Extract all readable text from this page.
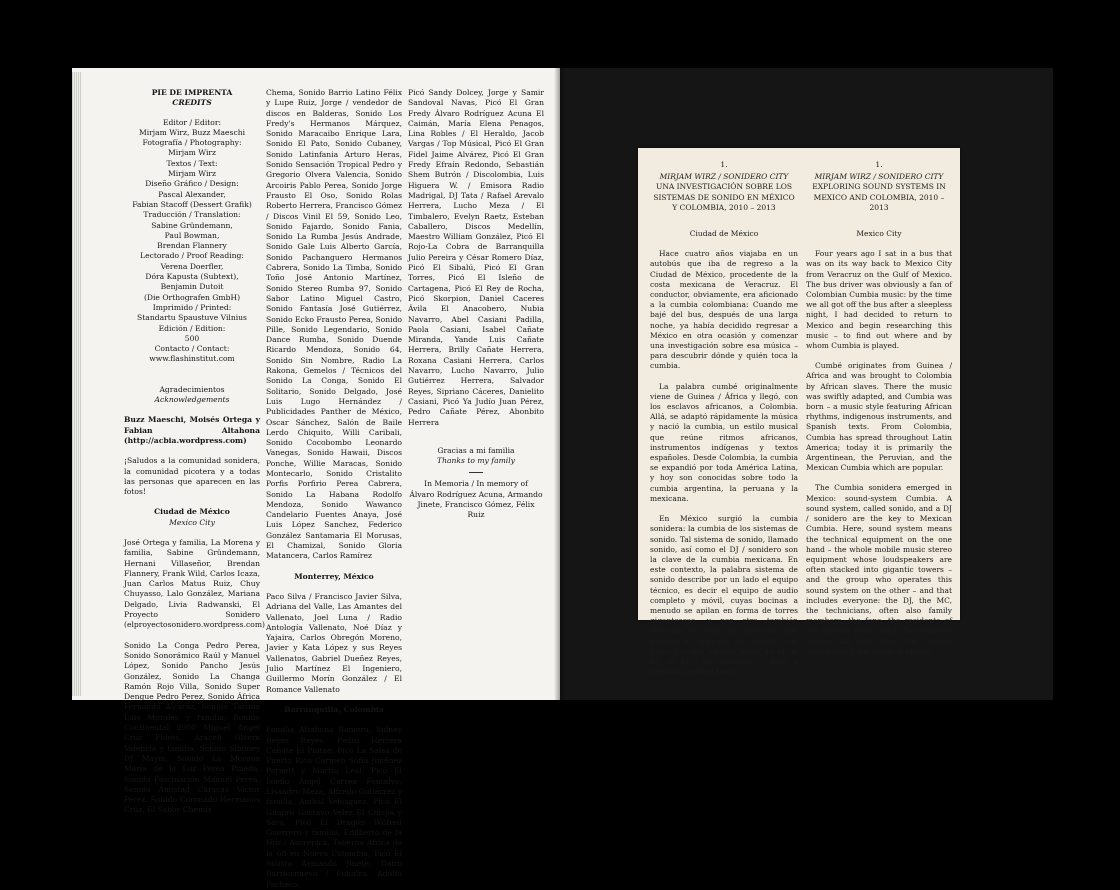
PIE DE IMPRENTA
CREDITS
Editor / Editor:
Mirjam Wirz, Buzz Maeschi
Fotografía / Photography:
Mirjam Wirz
Textos / Text:
Mirjam Wirz
Diseño Gráfico / Design:
Pascal Alexander,
Fabian Stacoff (Dessert Grafik)
Traducción / Translation:
Sabine Gründemann,
Paul Bowman,
Brendan Flannery
Lectorado / Proof Reading:
Verena Doerfler,
Dóra Kapusta (Subtext),
Benjamin Dutoit
(Die Orthografen GmbH)
Imprimido / Printed:
Standartu Spaustuve Vilnius
Edición / Edition:
500
Contacto / Contact:
www.flashinstitut.com
Agradecimientos
Acknowledgements
Buzz Maeschi, Moisés Ortega y Fabian Altahona (http://acbia.wordpress.com)
¡Saludos a la comunidad sonidera, la comunidad picotera y a todas las personas que aparecen en las fotos!
Ciudad de México
Mexico City
José Ortega y familia, La Morena y familia, Sabine Gründemann, Hernani Villaseñor, Brendan Flannery, Frank Wild, Carlos Icaza, Juan Carlos Matus Ruiz, Chuy Chuyasso, Lalo González, Mariana Delgado, Livia Radwanski, El Proyecto Sonidero (elproyectosonidero.wordpress.com)
Sonido La Conga Pedro Perea, Sonido Sonorámico Raúl y Manuel López, Sonido Pancho Jesús González, Sonido La Changa Ramón Rojo Villa, Sonido Super Dengue Pedro Perez, Sonido África Fernando Alcaraz, Sonido Tacuba Luis Morales y familia, Sonido Continental 2000 Miguel Ángel Cruz Flores, Araceli Olvera Valencia y familia, Sonido Siboney DJ Mayín, Sonido La Morena María de la Luz Perea Pineda, Sonido Fascinación Manuel Perea, Sonido Amistad Caracas Victor Pérez, Sonido Coronado Hermanos Cruz, El Sabor Chemix
Chema, Sonido Barrio Latino Félix y Lupe Ruiz, Jorge / vendedor de discos en Balderas, Sonido Los Fredy's Hermanos Márquez, Sonido Maracaibo Enrique Lara, Sonido El Pato, Sonido Cubaney, Sonido Latinfania Arturo Heras, Sonido Sensación Tropical Pedro y Gregorio Olvera Valencia, Sonido Arcoiris Pablo Perea, Sonido Jorge Frausto El Oso, Sonido Rolas Roberto Herrera, Francisco Gómez / Discos Vinil El 59, Sonido Leo, Sonido Fajardo, Sonido Fania, Sonido La Rumba Jesús Andrade, Sonido Gale Luis Alberto García, Sonido Pachanguero Hermanos Cabrera, Sonido La Timba, Sonido Toño José Antonio Martínez, Sonido Stereo Rumba 97, Sonido Sabor Latino Miguel Castro, Sonido Fantasía José Gutiérrez, Sonido Ecko Frausto Perea, Sonido Pille, Sonido Legendario, Sonido Dance Rumba, Sonido Duende Ricardo Mendoza, Sonido 64, Sonido Sin Nombre, Radio La Rakona, Gemelos / Técnicos del Sonido La Conga, Sonido El Solitario, Sonido Delgado, José Luis Lugo Hernández / Publicidades Panther de México, Oscar Sánchez, Salón de Baile Lerdo Chiquito, Willi Caribali, Sonido Cocobombo Leonardo Vanegas, Sonido Hawaii, Discos Ponche, Willie Maracas, Sonido Montecarlo, Sonido Cristalito Porfis Porfirio Perea Cabrera, Sonido La Habana Rodolfo Mendoza, Sonido Wawanco Candelario Fuentes Anaya, José Luis López Sanchez, Federico González Santamaria El Morusas, El Chamizal, Sonido Gloria Matancera, Carlos Ramírez
Monterrey, México
Paco Silva / Francisco Javier Silva, Adriana del Valle, Las Amantes del Vallenato, Joel Luna / Radio Antología Vallenato, Noé Díaz y Yajaira, Carlos Obregón Moreno, Javier y Kata López y sus Reyes Vallenatos, Gabriel Dueñez Reyes, Julio Martínez El Ingeniero, Guillermo Morín González / El Romance Vallenato
Barranquilla, Colombia
Familia Altahona Romero, Sidney Reyes Reyes, Pedro Herrera Cañate El Pintao, Picó La Salsa de Puerto Rico Carmen Sofía Jiménez Pernett y Martín Leal, Picó El Isleño Ángel Correa Fontalvo, Lisandro Meza, Alfredo Gutiérrez y familia, Aníbal Velásquez, Picó El Guajiro Gustavo Velez El Chispa y Sara, Picó El Dragón Wilfred Guerrero y familia, Edilberto de la Hoz / Asorepick, Taberna África de la 68 en Nueva Colombia, Picó El Solista Armando Jinete, Dairo Barriosnuevo / Fukafra, Adolfo Pacheco,
Picó Sandy Dolcey, Jorge y Samir Sandoval Navas, Picó El Gran Fredy Álvaro Rodríguez Acuna El Caimán, María Elena Penagos, Lina Robles / El Heraldo, Jacob Vargas / Top Músical, Picó El Gran Fidel Jaime Alvárez, Picó El Gran Fredy Efraín Redondo, Sebastián Shem Butrón / Discolombia, Luis Higuera W. / Emisora Radio Madrigal, DJ Tata / Rafael Arevalo Herrera, Lucho Meza / El Timbalero, Evelyn Raetz, Esteban Caballero, Discos Medellín, Maestro William González, Picó El Rojo-La Cobra de Barranquilla Julio Pereira y César Romero Díaz, Picó El Sibalú, Picó El Gran Torres, Picó El Isleño de Cartagena, Picó El Rey de Rocha, Picó Skorpion, Daniel Caceres Ávila El Anacobero, Nubia Navarro, Abel Casiani Padilla, Paola Casiani, Isabel Cañate Miranda, Yande Luis Cañate Herrera, Brilly Cañate Herrera, Roxana Casiani Herrera, Carlos Navarro, Lucho Navarro, Julio Gutiérrez Herrera, Salvador Reyes, Sipriano Cáceres, Danielito Casiani, Picó Ya Judío Juan Pérez, Pedro Cañate Pérez, Abonbito Herrera
Gracias a mi familia
Thanks to my family
In Memoria / In memory of
Álvaro Rodríguez Acuna, Armando Jinete, Francisco Gómez, Félix Ruiz
1.
MIRJAM WIRZ / SONIDERO CITY
UNA INVESTIGACIÓN SOBRE LOS SISTEMAS DE SONIDO EN MÉXICO Y COLOMBIA, 2010 – 2013
Ciudad de México

Hace cuatro años viajaba en un autobús que iba de regreso a la Ciudad de México, procedente de la costa mexicana de Veracruz. El conductor, obviamente, era aficionado a la cumbia colombiana: Cuando me bajé del bus, después de una larga noche, ya había decidido regresar a México en otra ocasión y comenzar una investigación sobre esa música – para descubrir dónde y quién toca la cumbia.

La palabra cumbé originalmente viene de Guinea / África y llegó, con los esclavos africanos, a Colombia. Allá, se adaptó rápidamente la música y nació la cumbia, un estilo musical que reúne ritmos africanos, instrumentos indígenas y textos españoles. Desde Colombia, la cumbia se expandió por toda América Latina, y hoy son conocidas sobre todo la cumbia argentina, la peruana y la mexicana.

En México surgió la cumbia sonidera: la cumbia de los sistemas de sonido. Tal sistema de sonido, llamado sonido, así como el DJ / sonidero son la clave de la cumbia mexicana. En este contexto, la palabra sistema de sonido describe por un lado el equipo técnico, es decir el equipo de audio completo y móvil, cuyas bocinas a menudo se apilan en forma de torres gigantescas, y por otro también describe al grupo de personas que maneja el sistema de sonido, con todos los que forman parte de él: el DJ, el MC, los técnicos, y muy a menudo también fami-

1.
MIRJAM WIRZ / SONIDERO CITY
EXPLORING SOUND SYSTEMS IN MEXICO AND COLOMBIA, 2010 – 2013
Mexico City

Four years ago I sat in a bus that was on its way back to Mexico City from Veracruz on the Gulf of Mexico. The bus driver was obviously a fan of Colombian Cumbia music: by the time we all got off the bus after a sleepless night, I had decided to return to Mexico and begin researching this music – to find out where and by whom Cumbia is played.

Cumbé originates from Guinea / Africa and was brought to Colombia by African slaves. There the music was swiftly adapted, and Cumbia was born – a music style featuring African rhythms, indigenous instruments, and Spanish texts. From Colombia, Cumbia has spread throughout Latin America; today it is primarily the Argentinean, the Peruvian, and the Mexican Cumbia which are popular.

The Cumbia sonidera emerged in Mexico: sound-system Cumbia. A sound system, called sonido, and a DJ / sonidero are the key to Mexican Cumbia. Here, sound system means the technical equipment on the one hand – the whole mobile music stereo equipment whose loudspeakers are often stacked into gigantic towers – and the group who operates this sound system on the other – and that includes everyone: the DJ, the MC, the technicians, often also family members, the fans, the residents of the quarter from which the sonidero comes. All told then, the system within which the music is played
